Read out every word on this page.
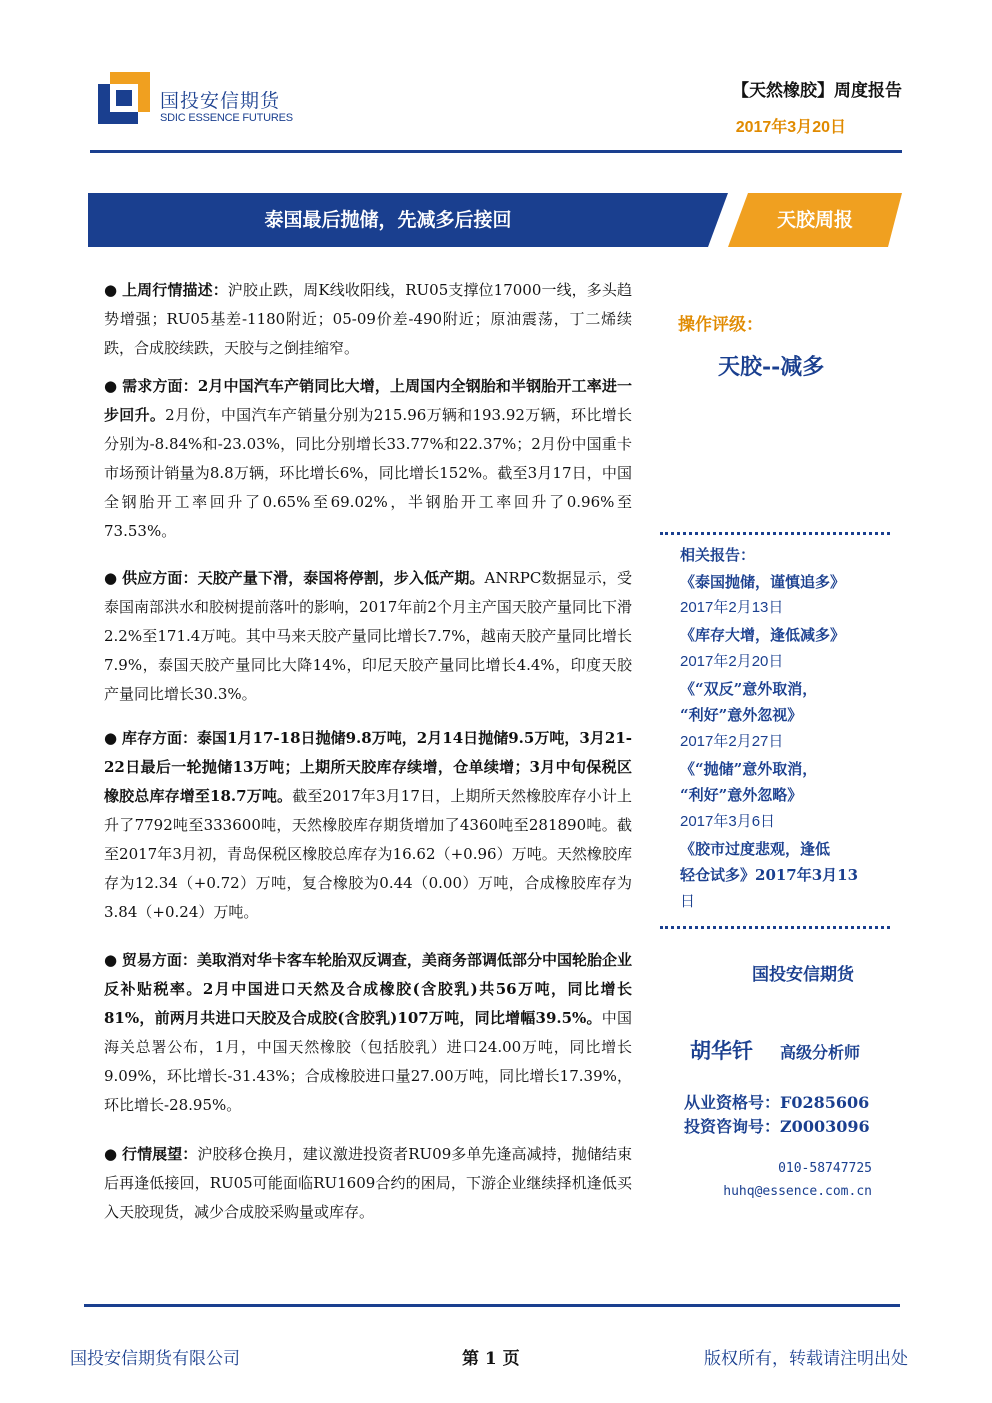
国投安信期货
SDIC ESSENCE FUTURES
【天然橡胶】周度报告
2017年3月20日
泰国最后抛储，先减多后接回	天胶周报
● 上周行情描述：沪胶止跌，周K线收阳线，RU05支撑位17000一线，多头趋势增强；RU05基差-1180附近；05-09价差-490附近；原油震荡，丁二烯续跌，合成胶续跌，天胶与之倒挂缩窄。
● 需求方面：2月中国汽车产销同比大增，上周国内全钢胎和半钢胎开工率进一步回升。2月份，中国汽车产销量分别为215.96万辆和193.92万辆，环比增长分别为-8.84%和-23.03%，同比分别增长33.77%和22.37%；2月份中国重卡市场预计销量为8.8万辆，环比增长6%，同比增长152%。截至3月17日，中国全钢胎开工率回升了0.65%至69.02%，半钢胎开工率回升了0.96%至73.53%。
● 供应方面：天胶产量下滑，泰国将停割，步入低产期。ANRPC数据显示，受泰国南部洪水和胶树提前落叶的影响，2017年前2个月主产国天胶产量同比下滑2.2%至171.4万吨。其中马来天胶产量同比增长7.7%，越南天胶产量同比增长7.9%，泰国天胶产量同比大降14%，印尼天胶产量同比增长4.4%，印度天胶产量同比增长30.3%。
● 库存方面：泰国1月17-18日抛储9.8万吨，2月14日抛储9.5万吨，3月21-22日最后一轮抛储13万吨；上期所天胶库存续增，仓单续增；3月中旬保税区橡胶总库存增至18.7万吨。截至2017年3月17日，上期所天然橡胶库存小计上升了7792吨至333600吨，天然橡胶库存期货增加了4360吨至281890吨。截至2017年3月初，青岛保税区橡胶总库存为16.62（+0.96）万吨。天然橡胶库存为12.34（+0.72）万吨，复合橡胶为0.44（0.00）万吨，合成橡胶库存为3.84（+0.24）万吨。
● 贸易方面：美取消对华卡客车轮胎双反调查，美商务部调低部分中国轮胎企业反补贴税率。2月中国进口天然及合成橡胶(含胶乳)共56万吨，同比增长81%，前两月共进口天胶及合成胶(含胶乳)107万吨，同比增幅39.5%。中国海关总署公布，1月，中国天然橡胶（包括胶乳）进口24.00万吨，同比增长9.09%，环比增长-31.43%；合成橡胶进口量27.00万吨，同比增长17.39%，环比增长-28.95%。
● 行情展望：沪胶移仓换月，建议激进投资者RU09多单先逢高减持，抛储结束后再逢低接回，RU05可能面临RU1609合约的困局，下游企业继续择机逢低买入天胶现货，减少合成胶采购量或库存。
操作评级：
天胶--减多
相关报告：
《泰国抛储，谨慎追多》
2017年2月13日
《库存大增，逢低减多》
2017年2月20日
《“双反”意外取消，
“利好”意外忽视》
2017年2月27日
《“抛储”意外取消，
“利好”意外忽略》
2017年3月6日
《胶市过度悲观，逢低
轻仓试多》2017年3月13
日
国投安信期货
胡华钎 高级分析师
从业资格号：F0285606
投资咨询号：Z0003096
010-58747725
huhq@essence.com.cn
国投安信期货有限公司	第 1 页	版权所有，转载请注明出处
